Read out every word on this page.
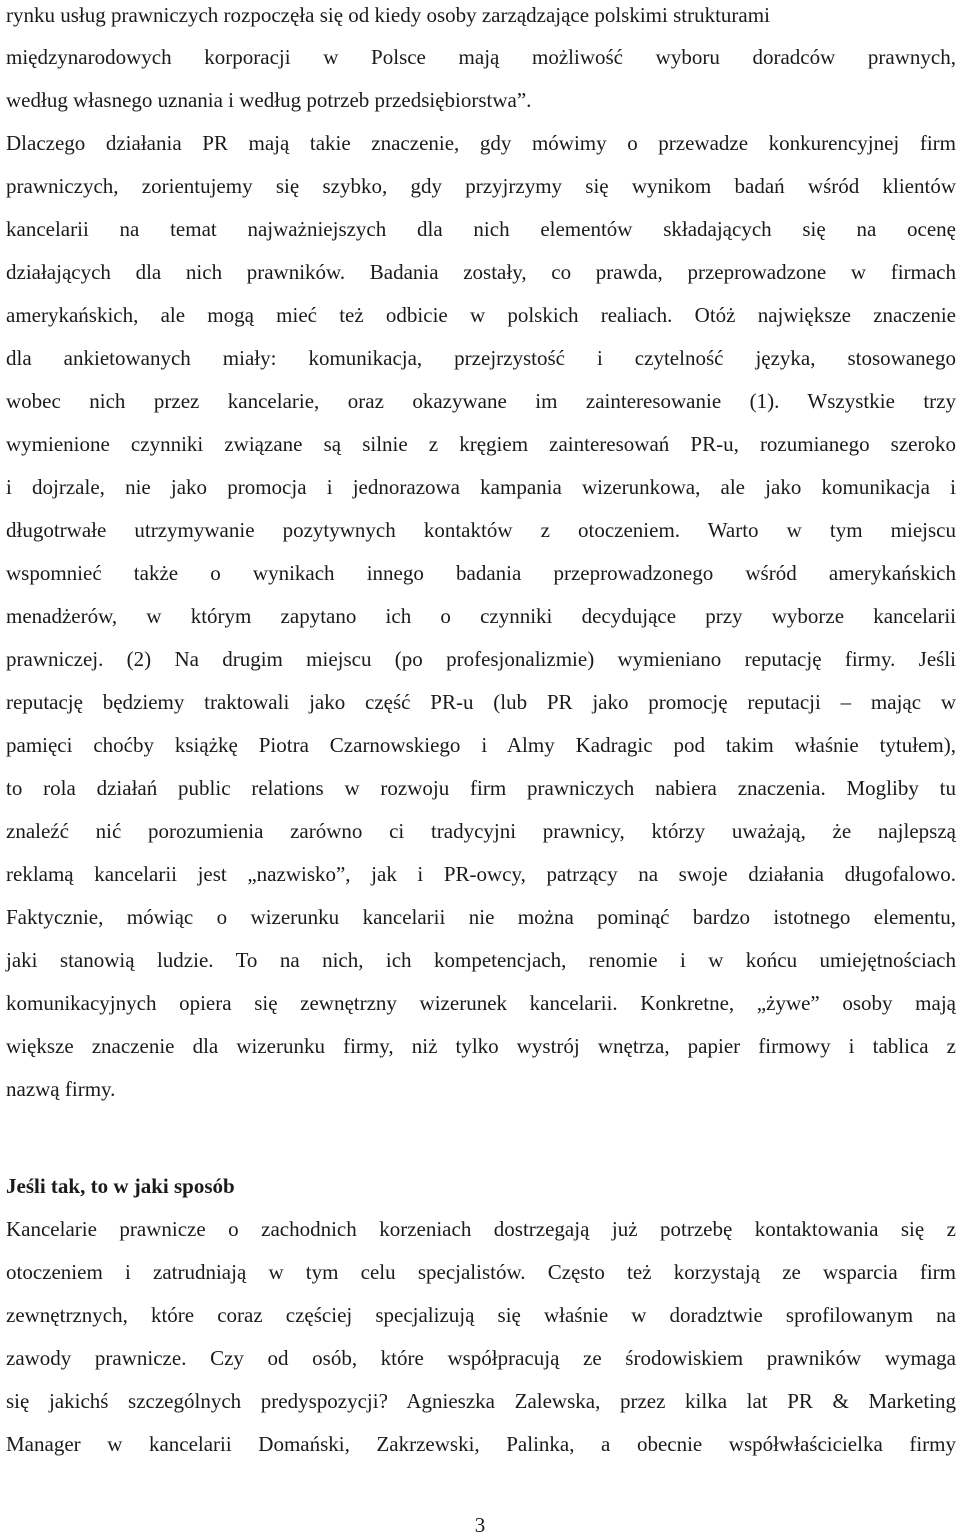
rynku usług prawniczych rozpoczęła się od kiedy osoby zarządzające polskimi strukturami
międzynarodowych korporacji w Polsce mają możliwość wyboru doradców prawnych,
według własnego uznania i według potrzeb przedsiębiorstwa”.
Dlaczego działania PR mają takie znaczenie, gdy mówimy o przewadze konkurencyjnej firm
prawniczych, zorientujemy się szybko, gdy przyjrzymy się wynikom badań wśród klientów
kancelarii na temat najważniejszych dla nich elementów składających się na ocenę
działających dla nich prawników. Badania zostały, co prawda, przeprowadzone w firmach
amerykańskich, ale mogą mieć też odbicie w polskich realiach. Otóż największe znaczenie
dla ankietowanych miały: komunikacja, przejrzystość i czytelność języka, stosowanego
wobec nich przez kancelarie, oraz okazywane im zainteresowanie (1). Wszystkie trzy
wymienione czynniki związane są silnie z kręgiem zainteresowań PR-u, rozumianego szeroko
i dojrzale, nie jako promocja i jednorazowa kampania wizerunkowa, ale jako komunikacja i
długotrwałe utrzymywanie pozytywnych kontaktów z otoczeniem. Warto w tym miejscu
wspomnieć także o wynikach innego badania przeprowadzonego wśród amerykańskich
menadżerów, w którym zapytano ich o czynniki decydujące przy wyborze kancelarii
prawniczej. (2) Na drugim miejscu (po profesjonalizmie) wymieniano reputację firmy. Jeśli
reputację będziemy traktowali jako część PR-u (lub PR jako promocję reputacji – mając w
pamięci choćby książkę Piotra Czarnowskiego i Almy Kadragic pod takim właśnie tytułem),
to rola działań public relations w rozwoju firm prawniczych nabiera znaczenia. Mogliby tu
znaleźć nić porozumienia zarówno ci tradycyjni prawnicy, którzy uważają, że najlepszą
reklamą kancelarii jest „nazwisko”, jak i PR-owcy, patrzący na swoje działania długofalowo.
Faktycznie, mówiąc o wizerunku kancelarii nie można pominąć bardzo istotnego elementu,
jaki stanowią ludzie. To na nich, ich kompetencjach, renomie i w końcu umiejętnościach
komunikacyjnych opiera się zewnętrzny wizerunek kancelarii. Konkretne, „żywe” osoby mają
większe znaczenie dla wizerunku firmy, niż tylko wystrój wnętrza, papier firmowy i tablica z
nazwą firmy.
Jeśli tak, to w jaki sposób
Kancelarie prawnicze o zachodnich korzeniach dostrzegają już potrzebę kontaktowania się z
otoczeniem i zatrudniają w tym celu specjalistów. Często też korzystają ze wsparcia firm
zewnętrznych, które coraz częściej specjalizują się właśnie w doradztwie sprofilowanym na
zawody prawnicze. Czy od osób, które współpracują ze środowiskiem prawników wymaga
się jakichś szczególnych predyspozycji? Agnieszka Zalewska, przez kilka lat PR & Marketing
Manager w kancelarii Domański, Zakrzewski, Palinka, a obecnie współwłaścicielka firmy
3
